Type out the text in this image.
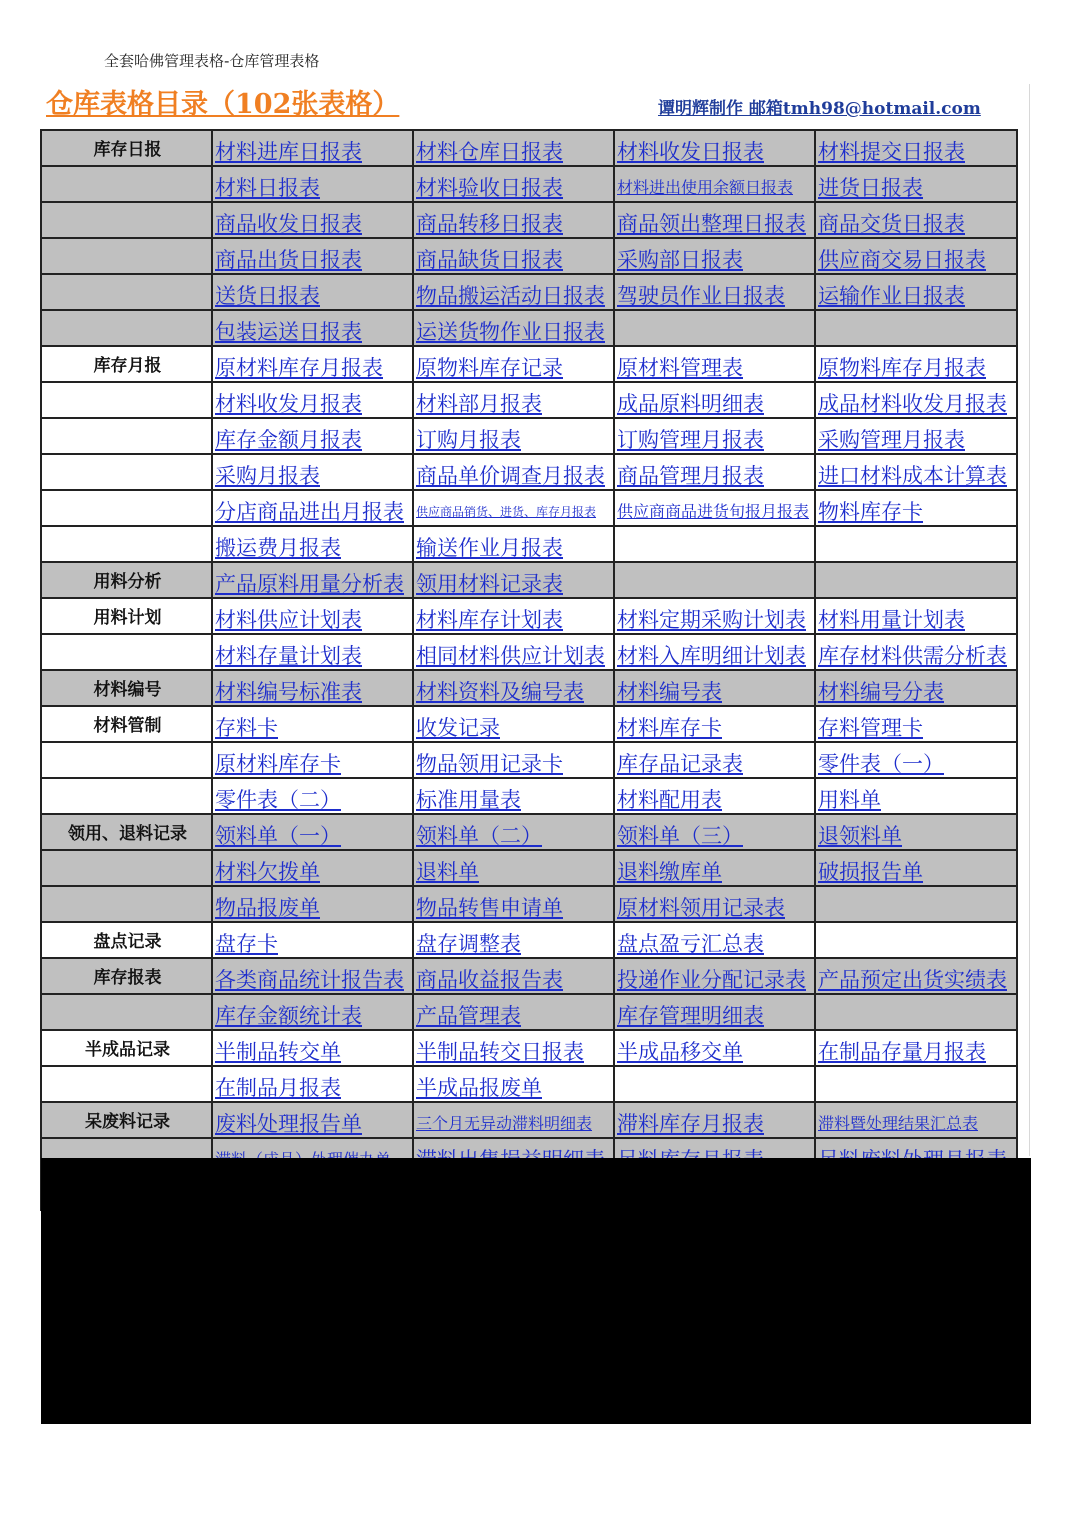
全套哈佛管理表格-仓库管理表格
仓库表格目录（102张表格）	谭明辉制作 邮箱tmh98@hotmail.com
库存日报	材料进库日报表	材料仓库日报表	材料收发日报表	材料提交日报表
	材料日报表	材料验收日报表	材料进出使用余额日报表	进货日报表
	商品收发日报表	商品转移日报表	商品领出整理日报表	商品交货日报表
	商品出货日报表	商品缺货日报表	采购部日报表	供应商交易日报表
	送货日报表	物品搬运活动日报表	驾驶员作业日报表	运输作业日报表
	包装运送日报表	运送货物作业日报表		
库存月报	原材料库存月报表	原物料库存记录	原材料管理表	原物料库存月报表
	材料收发月报表	材料部月报表	成品原料明细表	成品材料收发月报表
	库存金额月报表	订购月报表	订购管理月报表	采购管理月报表
	采购月报表	商品单价调查月报表	商品管理月报表	进口材料成本计算表
	分店商品进出月报表	供应商品销货、进货、库存月报表	供应商商品进货旬报月报表	物料库存卡
	搬运费月报表	输送作业月报表		
用料分析	产品原料用量分析表	领用材料记录表		
用料计划	材料供应计划表	材料库存计划表	材料定期采购计划表	材料用量计划表
	材料存量计划表	相同材料供应计划表	材料入库明细计划表	库存材料供需分析表
材料编号	材料编号标准表	材料资料及编号表	材料编号表	材料编号分表
材料管制	存料卡	收发记录	材料库存卡	存料管理卡
	原材料库存卡	物品领用记录卡	库存品记录表	零件表（一）
	零件表（二）	标准用量表	材料配用表	用料单
领用、退料记录	领料单（一）	领料单（二）	领料单（三）	退领料单
	材料欠拨单	退料单	退料缴库单	破损报告单
	物品报废单	物品转售申请单	原材料领用记录表	
盘点记录	盘存卡	盘存调整表	盘点盈亏汇总表	
库存报表	各类商品统计报告表	商品收益报告表	投递作业分配记录表	产品预定出货实绩表
	库存金额统计表	产品管理表	库存管理明细表	
半成品记录	半制品转交单	半制品转交日报表	半成品移交单	在制品存量月报表
	在制品月报表	半成品报废单		
呆废料记录	废料处理报告单	三个月无异动滞料明细表	滞料库存月报表	滞料暨处理结果汇总表
